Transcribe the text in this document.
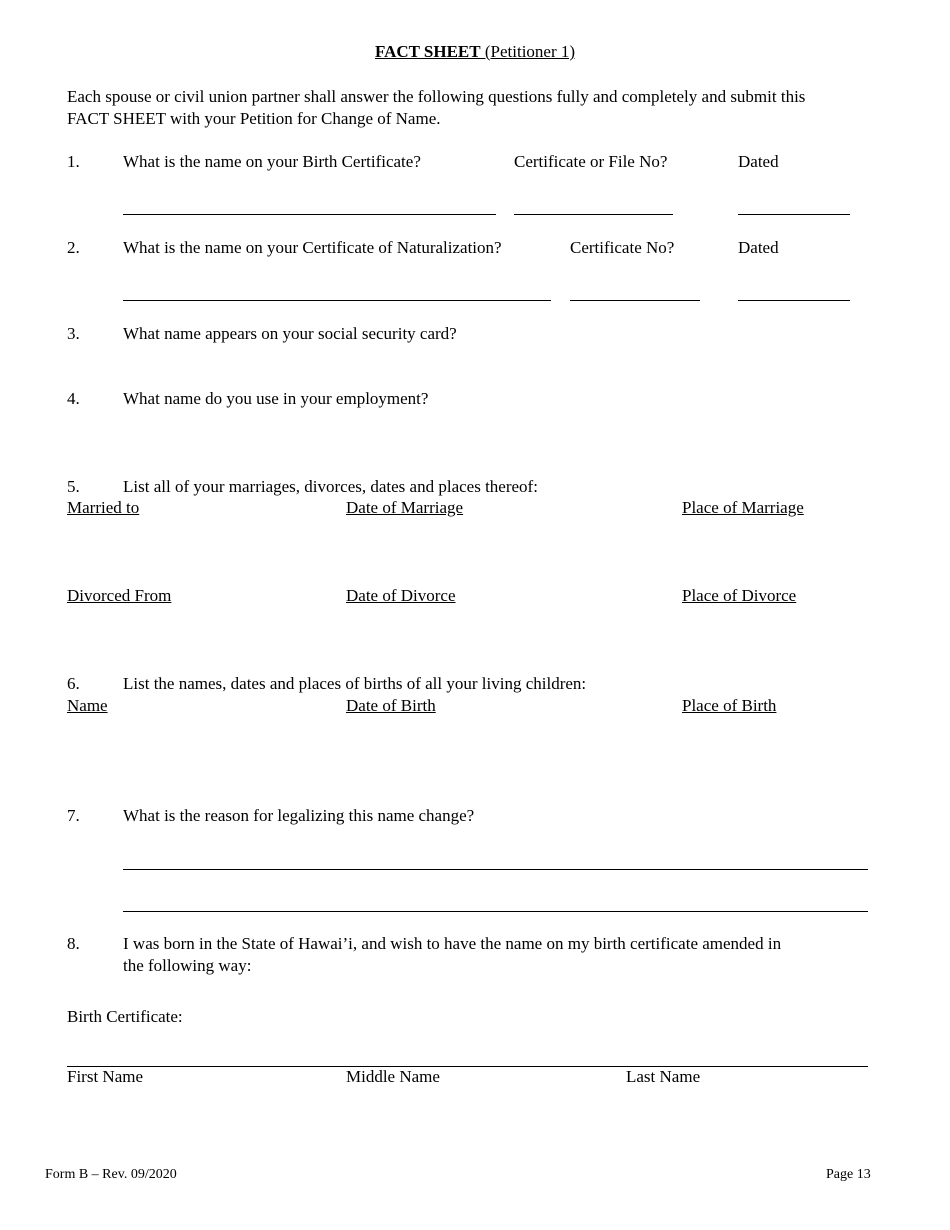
FACT SHEET (Petitioner 1)
Each spouse or civil union partner shall answer the following questions fully and completely and submit this
FACT SHEET with your Petition for Change of Name.
1.	What is the name on your Birth Certificate?	Certificate or File No?	Dated
2.	What is the name on your Certificate of Naturalization?	Certificate No?	Dated
3.	What name appears on your social security card?
4.	What name do you use in your employment?
5.	List all of your marriages, divorces, dates and places thereof:
Married to	Date of Marriage	Place of Marriage
Divorced From	Date of Divorce	Place of Divorce
6.	List the names, dates and places of births of all your living children:
Name	Date of Birth	Place of Birth
7.	What is the reason for legalizing this name change?
8.	I was born in the State of Hawai’i, and wish to have the name on my birth certificate amended in
the following way:
Birth Certificate:
First Name	Middle Name	Last Name
Form B – Rev. 09/2020	Page 13
